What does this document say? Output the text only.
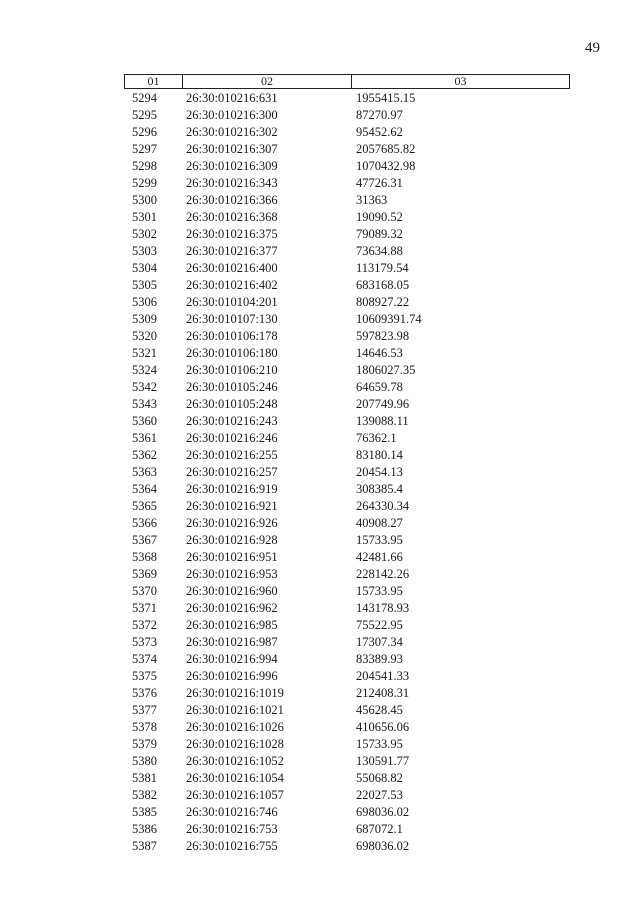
49
01	02	03
5294 26:30:010216:631	1955415.15
5295 26:30:010216:300	87270.97
5296 26:30:010216:302	95452.62
5297 26:30:010216:307	2057685.82
5298 26:30:010216:309	1070432.98
5299 26:30:010216:343	47726.31
5300 26:30:010216:366	31363
5301 26:30:010216:368	19090.52
5302 26:30:010216:375	79089.32
5303 26:30:010216:377	73634.88
5304 26:30:010216:400	113179.54
5305 26:30:010216:402	683168.05
5306 26:30:010104:201	808927.22
5309 26:30:010107:130	10609391.74
5320 26:30:010106:178	597823.98
5321 26:30:010106:180	14646.53
5324 26:30:010106:210	1806027.35
5342 26:30:010105:246	64659.78
5343 26:30:010105:248	207749.96
5360 26:30:010216:243	139088.11
5361 26:30:010216:246	76362.1
5362 26:30:010216:255	83180.14
5363 26:30:010216:257	20454.13
5364 26:30:010216:919	308385.4
5365 26:30:010216:921	264330.34
5366 26:30:010216:926	40908.27
5367 26:30:010216:928	15733.95
5368 26:30:010216:951	42481.66
5369 26:30:010216:953	228142.26
5370 26:30:010216:960	15733.95
5371 26:30:010216:962	143178.93
5372 26:30:010216:985	75522.95
5373 26:30:010216:987	17307.34
5374 26:30:010216:994	83389.93
5375 26:30:010216:996	204541.33
5376 26:30:010216:1019	212408.31
5377 26:30:010216:1021	45628.45
5378 26:30:010216:1026	410656.06
5379 26:30:010216:1028	15733.95
5380 26:30:010216:1052	130591.77
5381 26:30:010216:1054	55068.82
5382 26:30:010216:1057	22027.53
5385 26:30:010216:746	698036.02
5386 26:30:010216:753	687072.1
5387 26:30:010216:755	698036.02
